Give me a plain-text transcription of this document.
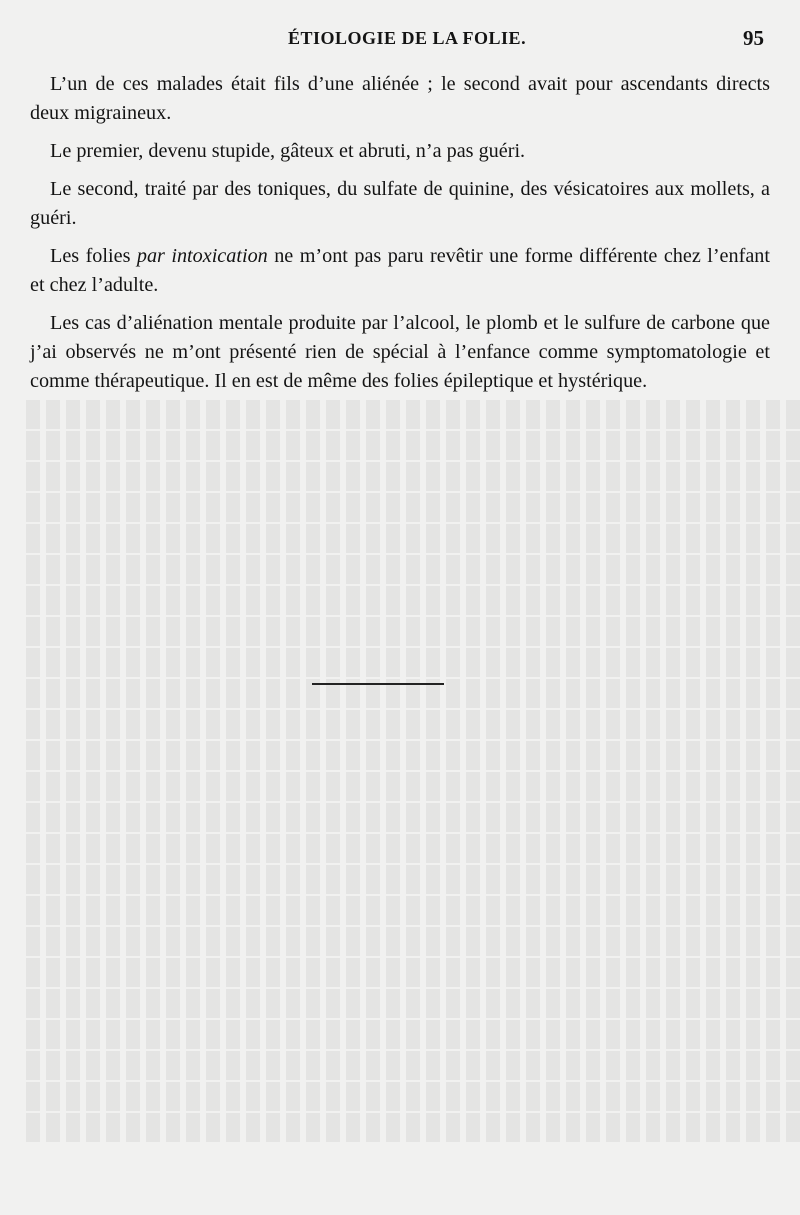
ÉTIOLOGIE DE LA FOLIE.	95

L’un de ces malades était fils d’une aliénée ; le second avait pour ascendants directs deux migraineux.

Le premier, devenu stupide, gâteux et abruti, n’a pas guéri.

Le second, traité par des toniques, du sulfate de quinine, des vésicatoires aux mollets, a guéri.

Les folies par intoxication ne m’ont pas paru revêtir une forme différente chez l’enfant et chez l’adulte.

Les cas d’aliénation mentale produite par l’alcool, le plomb et le sulfure de carbone que j’ai observés ne m’ont présenté rien de spécial à l’enfance comme symptomatologie et comme thérapeutique. Il en est de même des folies épileptique et hystérique.
